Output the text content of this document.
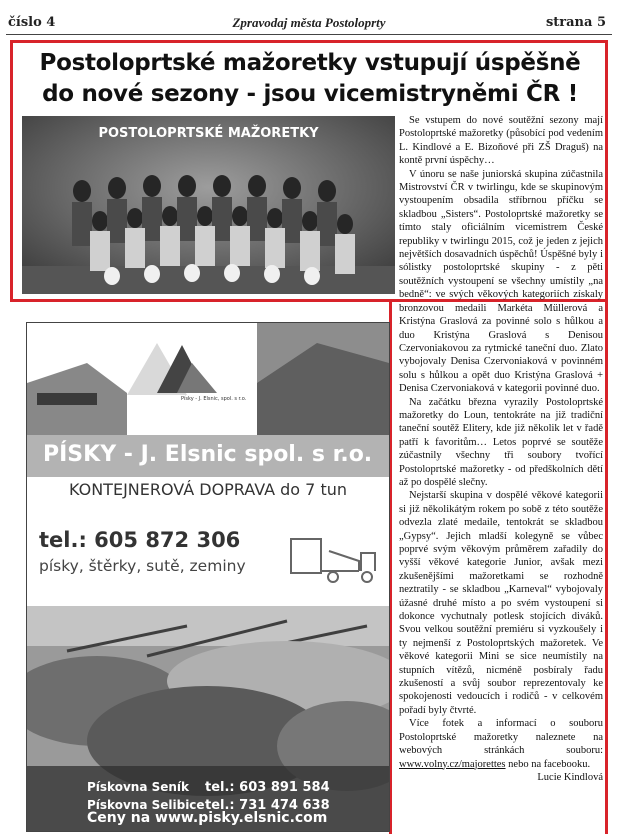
číslo 4	Zpravodaj města Postoloprty	strana 5
Postoloprtské mažoretky vstupují úspěšně
do nové sezony - jsou vicemistryněmi ČR !
POSTOLOPRTSKÉ MAŽORETKY

Se vstupem do nové soutěžní sezony mají Postoloprtské mažoretky (působící pod vedením L. Kindlové a E. Bizoňové při ZŠ Draguš) na kontě první úspěchy…

V únoru se naše juniorská skupina zúčastnila Mistrovství ČR v twirlingu, kde se skupinovým vystoupením obsadila stříbrnou příčku se skladbou „Sisters“. Postoloprtské mažoretky se tímto staly oficiálním vicemistrem České republiky v twirlingu 2015, což je jeden z jejich největších dosavadních úspěchů! Úspěšné byly i sólistky postoloprtské skupiny - z pěti soutěžních vystoupení se všechny umístily „na bedně“: ve svých věkových kategoriích získaly bronzovou medaili Markéta Müllerová a Kristýna Graslová za povinné solo s hůlkou a duo Kristýna Graslová s Denisou Czervoniakovou za rytmické taneční duo. Zlato vybojovaly Denisa Czervoniaková v povinném solu s hůlkou a opět duo Kristýna Graslová + Denisa Czervoniaková v kategorii povinné duo.

Na začátku března vyrazily Postoloprtské mažoretky do Loun, tentokráte na již tradiční taneční soutěž Elitery, kde již několik let v řadě patří k favoritům… Letos poprvé se soutěže zúčastnily všechny tři soubory tvořící Postoloprtské mažoretky - od předškolních dětí až po dospělé slečny.

Nejstarší skupina v dospělé věkové kategorii si již několikátým rokem po sobě z této soutěže odvezla zlaté medaile, tentokrát se skladbou „Gypsy“. Jejich mladší kolegyně se vůbec poprvé svým věkovým průměrem zařadily do vyšší věkové kategorie Junior, avšak mezi zkušenějšími mažoretkami se rozhodně neztratily - se skladbou „Karneval“ vybojovaly úžasné druhé místo a po svém vystoupení si dokonce vychutnaly potlesk stojících diváků. Svou velkou soutěžní premiéru si vyzkoušely i ty nejmenší z Postoloprtských mažoretek. Ve věkové kategorii Mini se sice neumístily na stupních vítězů, nicméně posbíraly řadu zkušeností a svůj soubor reprezentovaly ke spokojenosti vedoucích i rodičů - v celkovém pořadí byly čtvrté.

Více fotek a informací o souboru Postoloprtské mažoretky naleznete na webových stránkách souboru: www.volny.cz/majorettes nebo na facebooku.

Lucie Kindlová

Písky - J. Elsnic, spol. s r.o.
PÍSKY - J. Elsnic spol. s r.o.
KONTEJNEROVÁ DOPRAVA do 7 tun
tel.: 605 872 306
písky, štěrky, sutě, zeminy
Pískovna Seník tel.: 603 891 584
Pískovna Selibice tel.: 731 474 638
Ceny na www.pisky.elsnic.com
